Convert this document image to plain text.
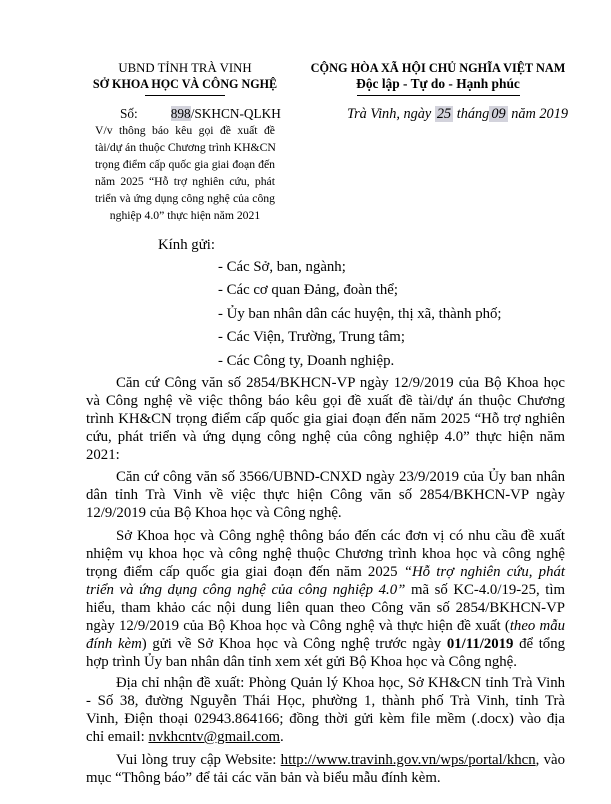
UBND TỈNH TRÀ VINH
SỞ KHOA HỌC VÀ CÔNG NGHỆ
Số: 898/SKHCN-QLKH
V/v thông báo kêu gọi đề xuất đề
tài/dự án thuộc Chương trình KH&CN
trọng điểm cấp quốc gia giai đoạn đến
năm 2025 “Hỗ trợ nghiên cứu, phát
triển và ứng dụng công nghệ của công
nghiệp 4.0” thực hiện năm 2021
CỘNG HÒA XÃ HỘI CHỦ NGHĨA VIỆT NAM
Độc lập - Tự do - Hạnh phúc
Trà Vinh, ngày 25 tháng 09 năm 2019
Kính gửi:
- Các Sở, ban, ngành;
- Các cơ quan Đảng, đoàn thể;
- Ủy ban nhân dân các huyện, thị xã, thành phố;
- Các Viện, Trường, Trung tâm;
- Các Công ty, Doanh nghiệp.
Căn cứ Công văn số 2854/BKHCN-VP ngày 12/9/2019 của Bộ Khoa học
và Công nghệ về việc thông báo kêu gọi đề xuất đề tài/dự án thuộc Chương
trình KH&CN trọng điểm cấp quốc gia giai đoạn đến năm 2025 “Hỗ trợ nghiên
cứu, phát triển và ứng dụng công nghệ của công nghiệp 4.0” thực hiện năm
2021:
Căn cứ công văn số 3566/UBND-CNXD ngày 23/9/2019 của Ủy ban nhân
dân tỉnh Trà Vinh về việc thực hiện Công văn số 2854/BKHCN-VP ngày
12/9/2019 của Bộ Khoa học và Công nghệ.
Sở Khoa học và Công nghệ thông báo đến các đơn vị có nhu cầu đề xuất
nhiệm vụ khoa học và công nghệ thuộc Chương trình khoa học và công nghệ
trọng điểm cấp quốc gia giai đoạn đến năm 2025 “Hỗ trợ nghiên cứu, phát
triển và ứng dụng công nghệ của công nghiệp 4.0” mã số KC-4.0/19-25, tìm
hiểu, tham khảo các nội dung liên quan theo Công văn số 2854/BKHCN-VP
ngày 12/9/2019 của Bộ Khoa học và Công nghệ và thực hiện đề xuất (theo mẫu
đính kèm) gửi về Sở Khoa học và Công nghệ trước ngày 01/11/2019 để tổng
hợp trình Ủy ban nhân dân tỉnh xem xét gửi Bộ Khoa học và Công nghệ.
Địa chỉ nhận đề xuất: Phòng Quản lý Khoa học, Sở KH&CN tỉnh Trà Vinh
- Số 38, đường Nguyễn Thái Học, phường 1, thành phố Trà Vinh, tỉnh Trà
Vinh, Điện thoại 02943.864166; đồng thời gửi kèm file mềm (.docx) vào địa
chỉ email: nvkhcntv@gmail.com.
Vui lòng truy cập Website: http://www.travinh.gov.vn/wps/portal/khcn, vào
mục “Thông báo” để tải các văn bản và biểu mẫu đính kèm.
